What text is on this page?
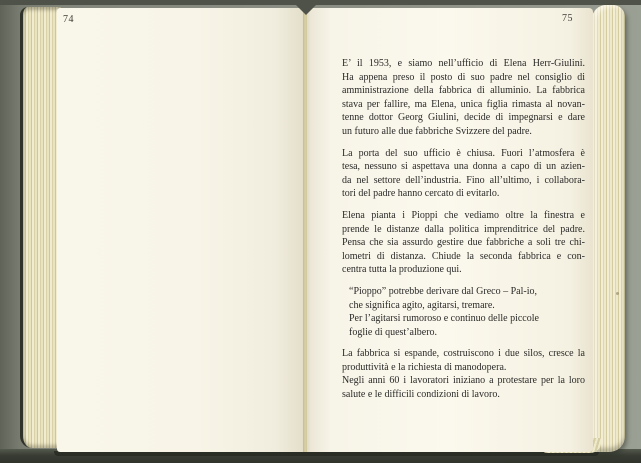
74	75

E’ il 1953, e siamo nell’ufficio di Elena Herr-Giulini.
Ha appena preso il posto di suo padre nel consiglio di
amministrazione della fabbrica di alluminio. La fabbrica
stava per fallire, ma Elena, unica figlia rimasta al novan-
tenne dottor Georg Giulini, decide di impegnarsi e dare
un futuro alle due fabbriche Svizzere del padre.

La porta del suo ufficio è chiusa. Fuori l’atmosfera è
tesa, nessuno si aspettava una donna a capo di un azien-
da nel settore dell’industria. Fino all’ultimo, i collabora-
tori del padre hanno cercato di evitarlo.

Elena pianta i Pioppi che vediamo oltre la finestra e
prende le distanze dalla politica imprenditrice del padre.
Pensa che sia assurdo gestire due fabbriche a soli tre chi-
lometri di distanza. Chiude la seconda fabbrica e con-
centra tutta la produzione qui.

“Pioppo” potrebbe derivare dal Greco – Pal-io,
che significa agito, agitarsi, tremare.
Per l’agitarsi rumoroso e continuo delle piccole
foglie di quest’albero.

La fabbrica si espande, costruiscono i due silos, cresce la
produttività e la richiesta di manodopera.
Negli anni 60 i lavoratori iniziano a protestare per la loro
salute e le difficili condizioni di lavoro.
